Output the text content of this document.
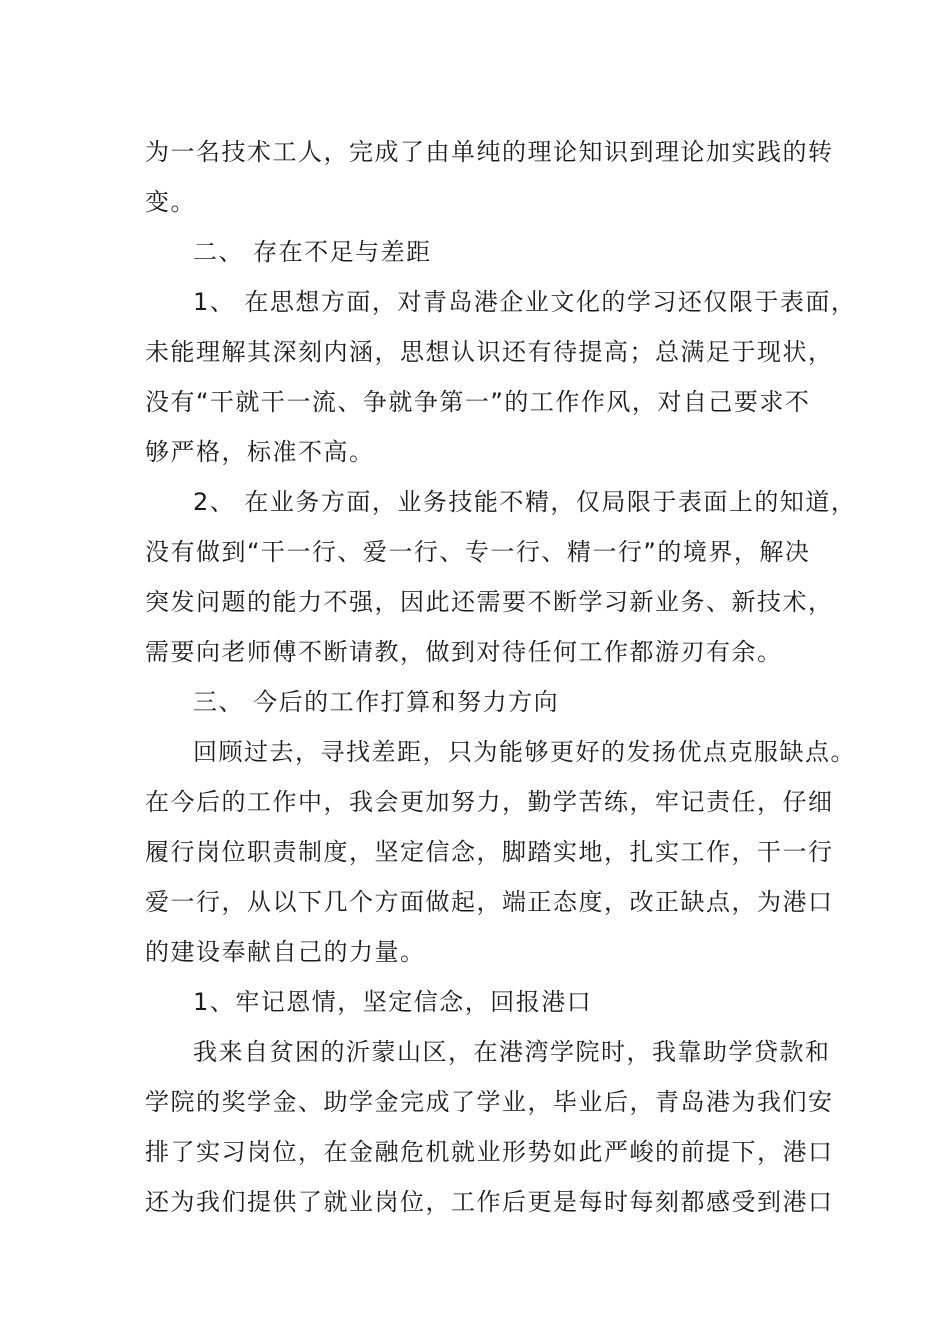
为一名技术工人，完成了由单纯的理论知识到理论加实践的转
变。
二、 存在不足与差距
1、 在思想方面，对青岛港企业文化的学习还仅限于表面，
未能理解其深刻内涵，思想认识还有待提高；总满足于现状，
没有“干就干一流、争就争第一”的工作作风，对自己要求不
够严格，标准不高。
2、 在业务方面，业务技能不精，仅局限于表面上的知道，
没有做到“干一行、爱一行、专一行、精一行”的境界，解决
突发问题的能力不强，因此还需要不断学习新业务、新技术，
需要向老师傅不断请教，做到对待任何工作都游刃有余。
三、 今后的工作打算和努力方向
回顾过去，寻找差距，只为能够更好的发扬优点克服缺点。
在今后的工作中，我会更加努力，勤学苦练，牢记责任，仔细
履行岗位职责制度，坚定信念，脚踏实地，扎实工作，干一行
爱一行，从以下几个方面做起，端正态度，改正缺点，为港口
的建设奉献自己的力量。
1、牢记恩情，坚定信念，回报港口
我来自贫困的沂蒙山区，在港湾学院时，我靠助学贷款和
学院的奖学金、助学金完成了学业，毕业后，青岛港为我们安
排了实习岗位，在金融危机就业形势如此严峻的前提下，港口
还为我们提供了就业岗位，工作后更是每时每刻都感受到港口
